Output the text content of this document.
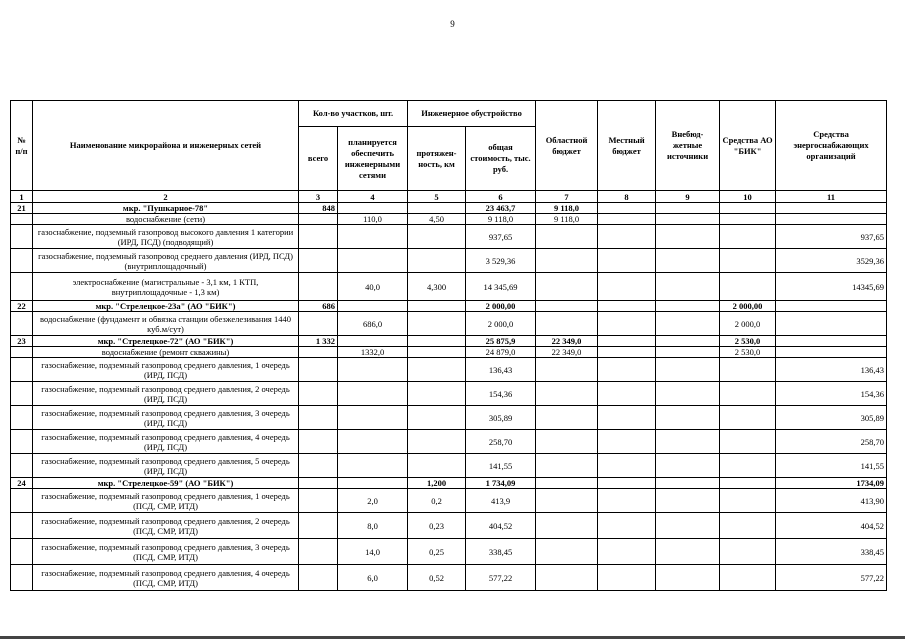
9
№ п/п	Наименование микрорайона и инженерных сетей	Кол-во участков, шт.		Инженерное обустройство		Областной бюджет	Местный бюджет	Внебюд-жетные источники	Средства АО "БИК"	Средства энергоснабжающих организаций
		всего	планируется обеспечить инженерными сетями	протяжен-ность, км	общая стоимость, тыс. руб.					
1	2	3	4	5	6	7	8	9	10	11
21	мкр. "Пушкарное-78"	848			23 463,7	9 118,0				
	водоснабжение (сети)		110,0	4,50	9 118,0	9 118,0				
	газоснабжение, подземный газопровод высокого давления 1 категории (ИРД, ПСД) (подводящий)				937,65					937,65
	газоснабжение, подземный газопровод среднего давления (ИРД, ПСД) (внутриплощадочный)				3 529,36					3529,36
	электроснабжение (магистральные - 3,1 км, 1 КТП, внутриплощадочные - 1,3 км)		40,0	4,300	14 345,69					14345,69
22	мкр. "Стрелецкое-23а" (АО "БИК")	686			2 000,00				2 000,00	
	водоснабжение (фундамент и обвязка станции обезжелезивания 1440 куб.м/сут)		686,0		2 000,0				2 000,0	
23	мкр. "Стрелецкое-72" (АО "БИК")	1 332			25 875,9	22 349,0			2 530,0	
	водоснабжение (ремонт скважины)		1332,0		24 879,0	22 349,0			2 530,0	
	газоснабжение, подземный газопровод среднего давления, 1 очередь (ИРД, ПСД)				136,43					136,43
	газоснабжение, подземный газопровод среднего давления, 2 очередь (ИРД, ПСД)				154,36					154,36
	газоснабжение, подземный газопровод среднего давления, 3 очередь (ИРД, ПСД)				305,89					305,89
	газоснабжение, подземный газопровод среднего давления, 4 очередь (ИРД, ПСД)				258,70					258,70
	газоснабжение, подземный газопровод среднего давления, 5 очередь (ИРД, ПСД)				141,55					141,55
24	мкр. "Стрелецкое-59" (АО "БИК")			1,200	1 734,09					1734,09
	газоснабжение, подземный газопровод среднего давления, 1 очередь (ПСД, СМР, ИТД)		2,0	0,2	413,9					413,90
	газоснабжение, подземный газопровод среднего давления, 2 очередь (ПСД, СМР, ИТД)		8,0	0,23	404,52					404,52
	газоснабжение, подземный газопровод среднего давления, 3 очередь (ПСД, СМР, ИТД)		14,0	0,25	338,45					338,45
	газоснабжение, подземный газопровод среднего давления, 4 очередь (ПСД, СМР, ИТД)		6,0	0,52	577,22					577,22
